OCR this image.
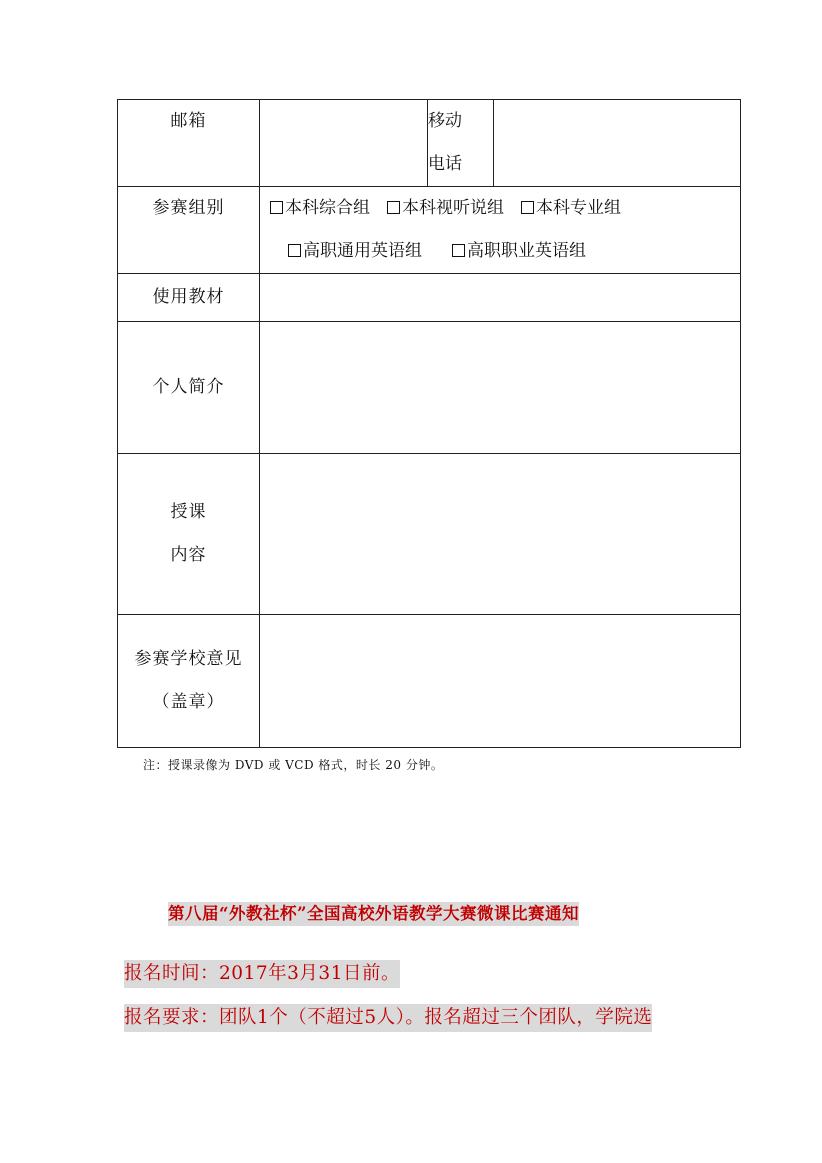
邮箱		移动
电话	

参赛组别	本科综合组 本科视听说组 本科专业组
高职通用英语组 高职职业英语组		

使用教材			
个人简介			

授课
内容			

参赛学校意见
（盖章）			

注：授课录像为 DVD 或 VCD 格式，时长 20 分钟。
第八届“外教社杯”全国高校外语教学大赛微课比赛通知
报名时间：2017年3月31日前。
报名要求：团队1个（不超过5人）。报名超过三个团队，学院选
